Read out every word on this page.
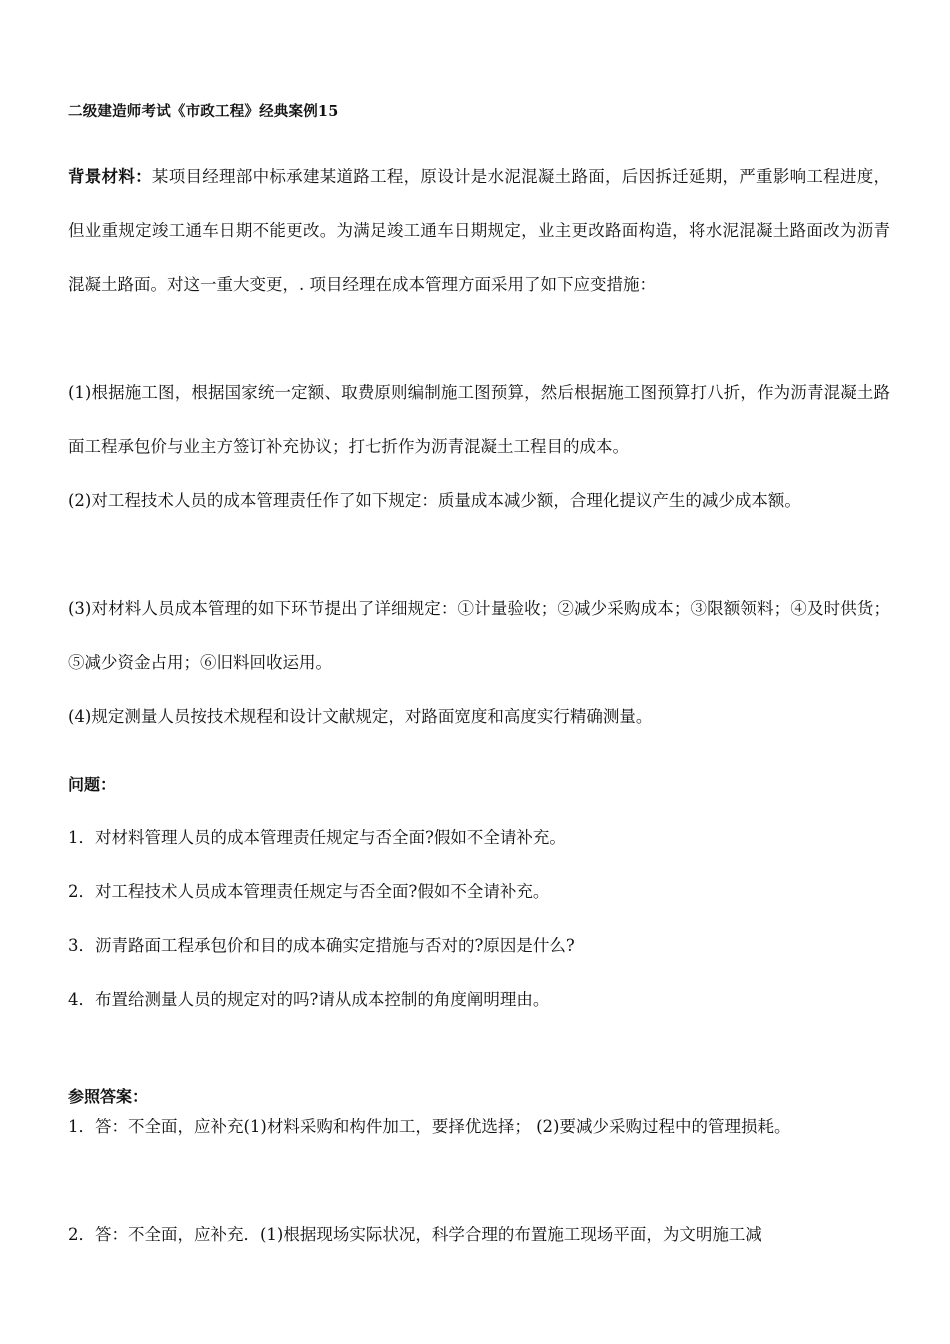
二级建造师考试《市政工程》经典案例15

背景材料：某项目经理部中标承建某道路工程，原设计是水泥混凝土路面，后因拆迁延期，严重影响工程进度，但业重规定竣工通车日期不能更改。为满足竣工通车日期规定，业主更改路面构造，将水泥混凝土路面改为沥青混凝土路面。对这一重大变更，. 项目经理在成本管理方面采用了如下应变措施：

(1)根据施工图，根据国家统一定额、取费原则编制施工图预算，然后根据施工图预算打八折，作为沥青混凝土路面工程承包价与业主方签订补充协议；打七折作为沥青混凝土工程目的成本。

(2)对工程技术人员的成本管理责任作了如下规定：质量成本减少额，合理化提议产生的减少成本额。

(3)对材料人员成本管理的如下环节提出了详细规定：①计量验收；②减少采购成本；③限额领料；④及时供货；⑤减少资金占用；⑥旧料回收运用。

(4)规定测量人员按技术规程和设计文献规定，对路面宽度和高度实行精确测量。

问题：
1．对材料管理人员的成本管理责任规定与否全面?假如不全请补充。
2．对工程技术人员成本管理责任规定与否全面?假如不全请补充。
3．沥青路面工程承包价和目的成本确实定措施与否对的?原因是什么?
4．布置给测量人员的规定对的吗?请从成本控制的角度阐明理由。
参照答案：

1．答：不全面，应补充(1)材料采购和构件加工，要择优选择； (2)要减少采购过程中的管理损耗。

2．答：不全面，应补充．(1)根据现场实际状况，科学合理的布置施工现场平面，为文明施工减
